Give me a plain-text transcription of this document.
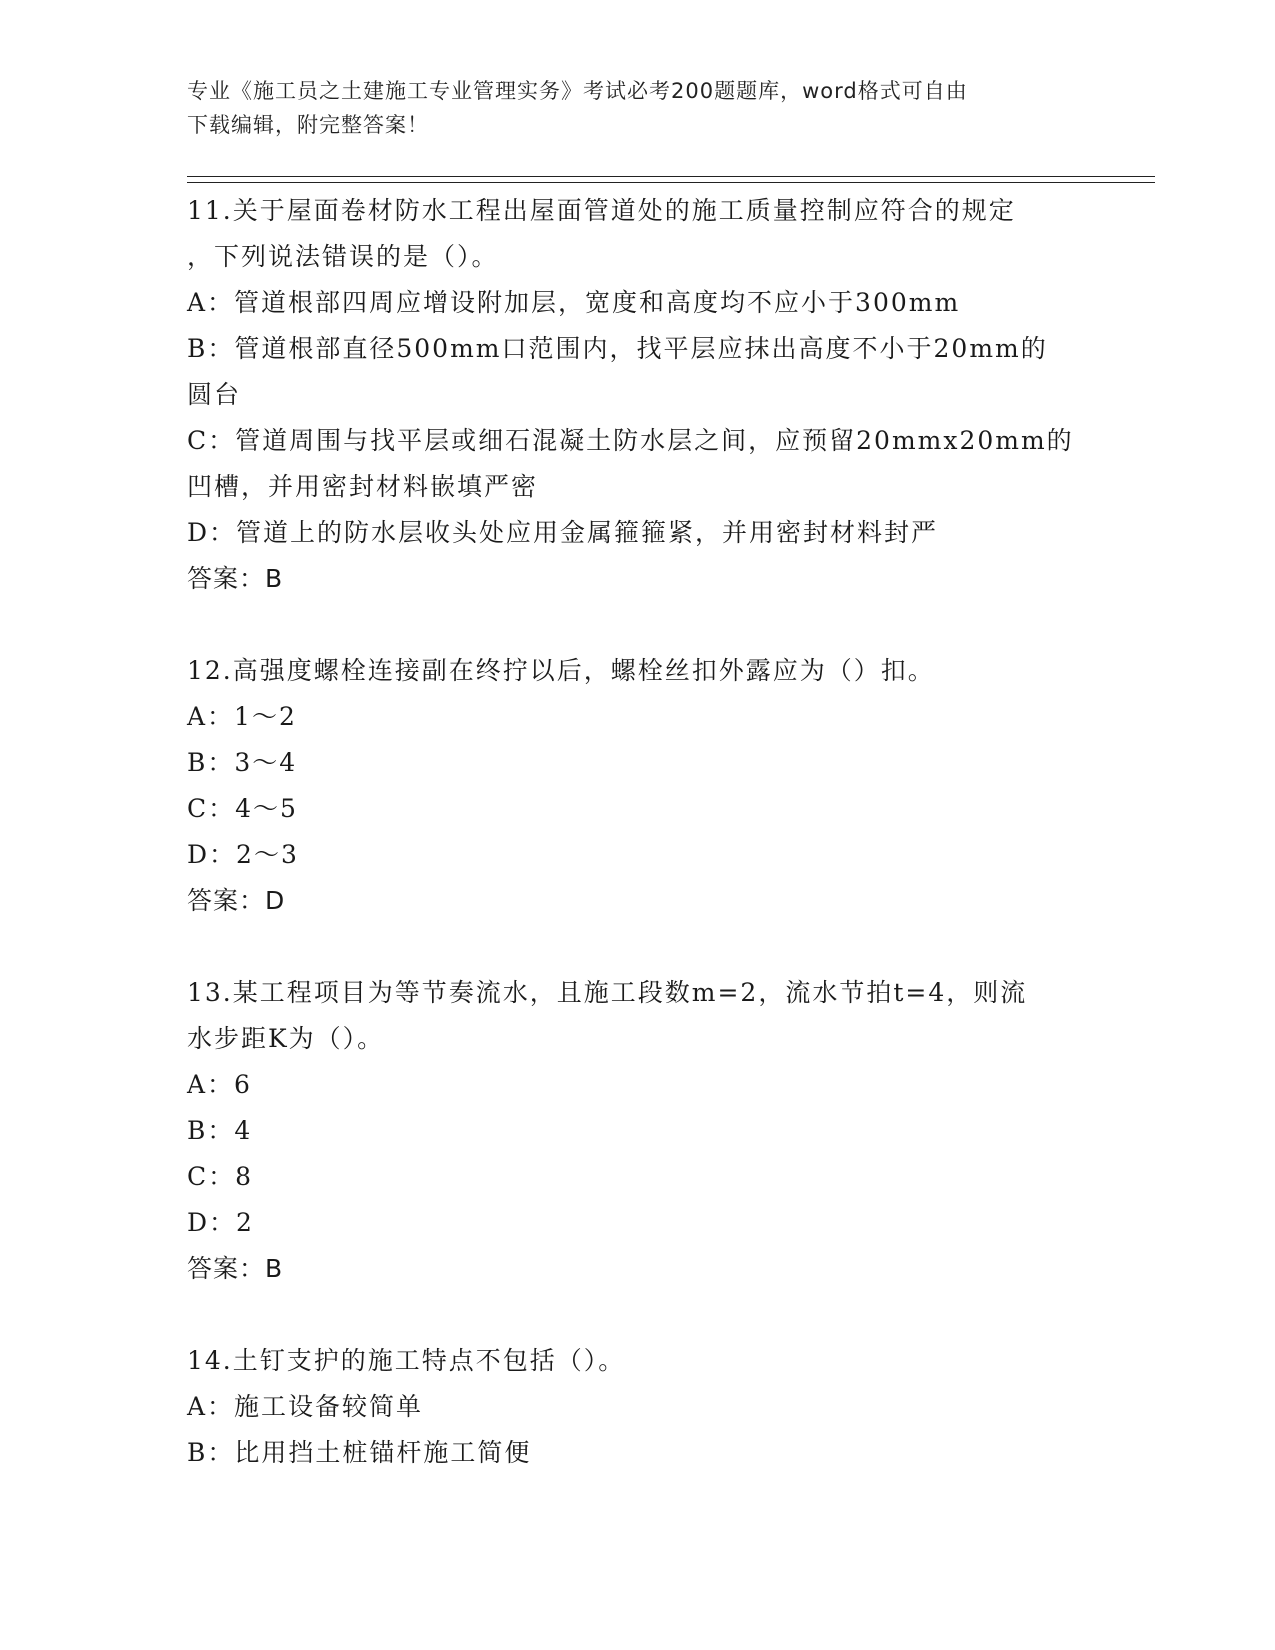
专业《施工员之土建施工专业管理实务》考试必考200题题库，word格式可自由
下载编辑，附完整答案！
11.关于屋面卷材防水工程出屋面管道处的施工质量控制应符合的规定
，下列说法错误的是（）。
A：管道根部四周应增设附加层，宽度和高度均不应小于300mm
B：管道根部直径500mm口范围内，找平层应抹出高度不小于20mm的
圆台
C：管道周围与找平层或细石混凝土防水层之间，应预留20mmx20mm的
凹槽，并用密封材料嵌填严密
D：管道上的防水层收头处应用金属箍箍紧，并用密封材料封严
答案：B
12.高强度螺栓连接副在终拧以后，螺栓丝扣外露应为（）扣。
A：1～2
B：3～4
C：4～5
D：2～3
答案：D
13.某工程项目为等节奏流水，且施工段数m=2，流水节拍t=4，则流
水步距K为（）。
A：6
B：4
C：8
D：2
答案：B
14.土钉支护的施工特点不包括（）。
A：施工设备较简单
B：比用挡土桩锚杆施工简便
